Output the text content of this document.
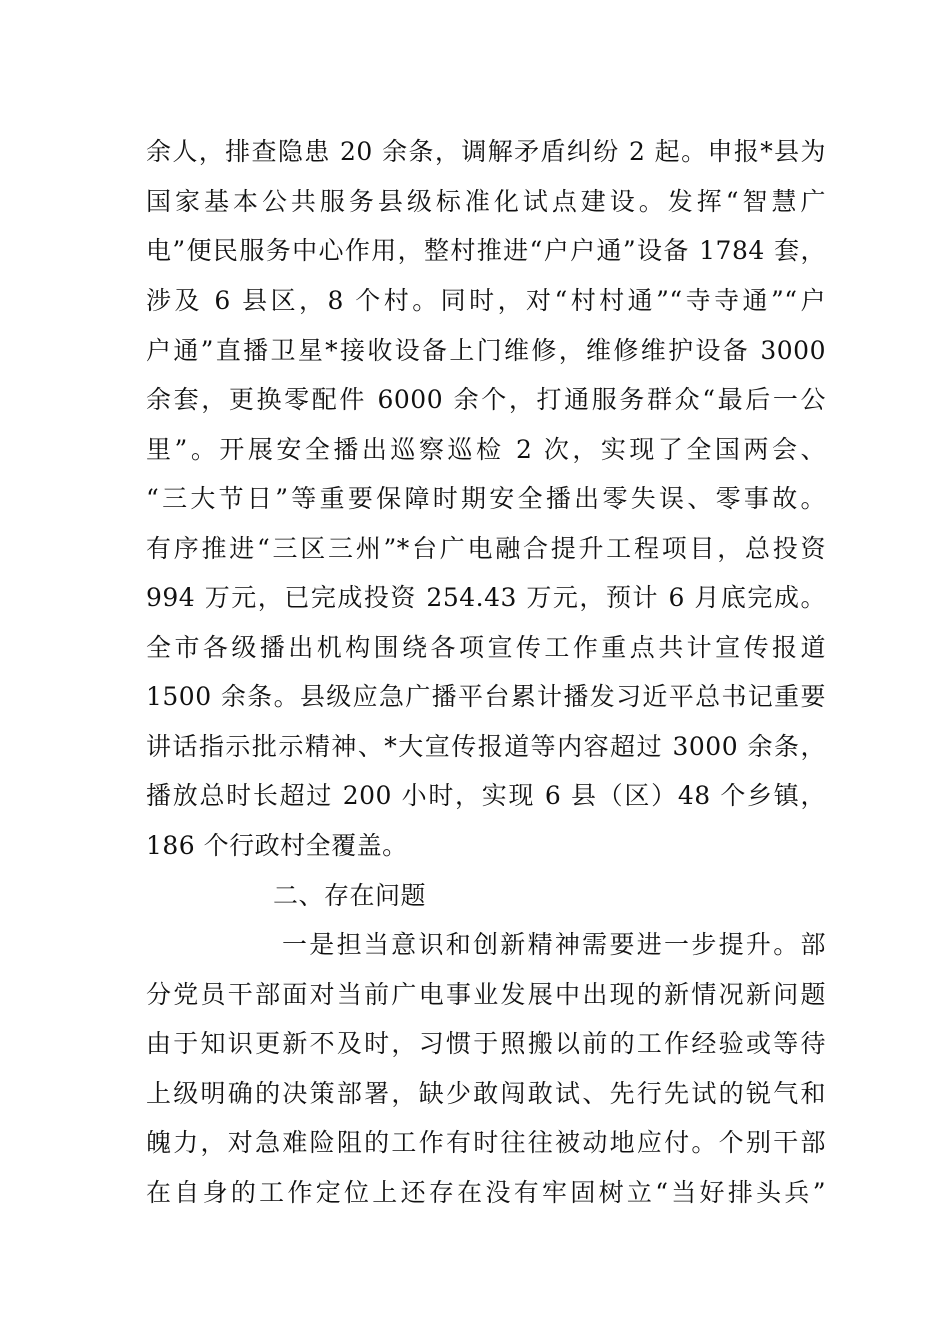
余人，排查隐患 20 余条，调解矛盾纠纷 2 起。申报*县为
国家基本公共服务县级标准化试点建设。发挥“智慧广
电”便民服务中心作用，整村推进“户户通”设备 1784 套，
涉及 6 县区，8 个村。同时，对“村村通”“寺寺通”“户
户通”直播卫星*接收设备上门维修，维修维护设备 3000
余套，更换零配件 6000 余个，打通服务群众“最后一公
里”。开展安全播出巡察巡检 2 次，实现了全国两会、
“三大节日”等重要保障时期安全播出零失误、零事故。
有序推进“三区三州”*台广电融合提升工程项目，总投资
994 万元，已完成投资 254.43 万元，预计 6 月底完成。
全市各级播出机构围绕各项宣传工作重点共计宣传报道
1500 余条。县级应急广播平台累计播发习近平总书记重要
讲话指示批示精神、*大宣传报道等内容超过 3000 余条，
播放总时长超过 200 小时，实现 6 县（区）48 个乡镇，
186 个行政村全覆盖。
二、存在问题
一是担当意识和创新精神需要进一步提升。部
分党员干部面对当前广电事业发展中出现的新情况新问题
由于知识更新不及时，习惯于照搬以前的工作经验或等待
上级明确的决策部署，缺少敢闯敢试、先行先试的锐气和
魄力，对急难险阻的工作有时往往被动地应付。个别干部
在自身的工作定位上还存在没有牢固树立“当好排头兵”
